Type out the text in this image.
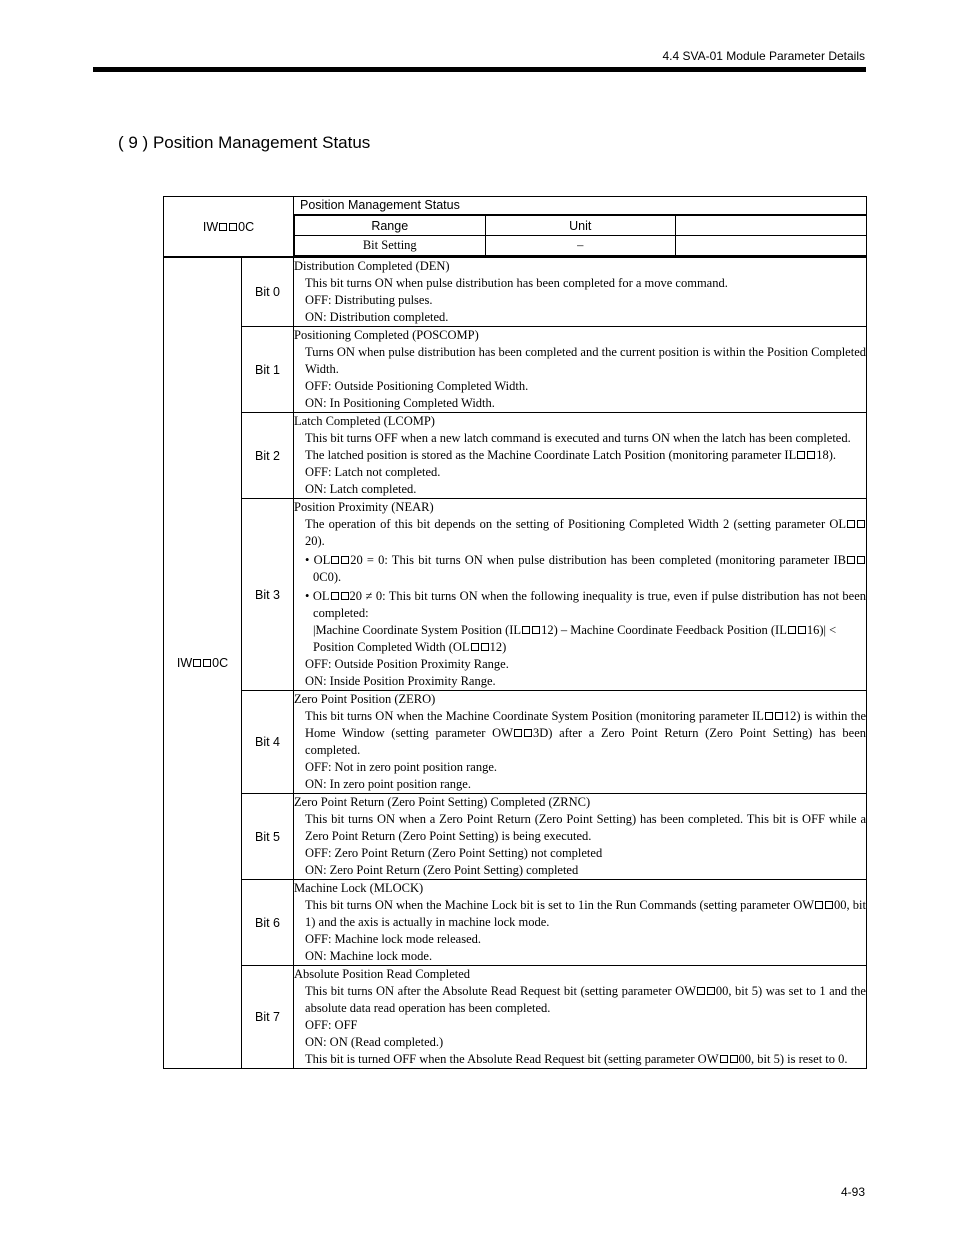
4.4 SVA-01 Module Parameter Details
( 9 ) Position Management Status
IW 0C	
Position Management Status
Range	Unit	
Bit Setting	–	

IW 0C	Bit 0	
Distribution Completed (DEN)
This bit turns ON when pulse distribution has been completed for a move command.
OFF: Distributing pulses.
ON: Distribution completed.

Bit 1	
Positioning Completed (POSCOMP)
Turns ON when pulse distribution has been completed and the current position is within the Position Completed Width.
OFF: Outside Positioning Completed Width.
ON: In Positioning Completed Width.

Bit 2	
Latch Completed (LCOMP)
This bit turns OFF when a new latch command is executed and turns ON when the latch has been completed.
The latched position is stored as the Machine Coordinate Latch Position (monitoring parameter IL 18).
OFF: Latch not completed.
ON: Latch completed.

Bit 3	
Position Proximity (NEAR)
The operation of this bit depends on the setting of Positioning Completed Width 2 (setting parameter OL20).
• OL 20 = 0: This bit turns ON when pulse distribution has been completed (monitoring parameter IB0C0).
• OL 20 ≠ 0: This bit turns ON when the following inequality is true, even if pulse distribution has not been completed:
|Machine Coordinate System Position (IL 12) – Machine Coordinate Feedback Position (IL 16)| < Position Completed Width (OL 12)
OFF: Outside Position Proximity Range.
ON: Inside Position Proximity Range.

Bit 4	
Zero Point Position (ZERO)
This bit turns ON when the Machine Coordinate System Position (monitoring parameter IL 12) is within the Home Window (setting parameter OW 3D) after a Zero Point Return (Zero Point Setting) has been completed.
OFF: Not in zero point position range.
ON: In zero point position range.

Bit 5	
Zero Point Return (Zero Point Setting) Completed (ZRNC)
This bit turns ON when a Zero Point Return (Zero Point Setting) has been completed. This bit is OFF while a Zero Point Return (Zero Point Setting) is being executed.
OFF: Zero Point Return (Zero Point Setting) not completed
ON: Zero Point Return (Zero Point Setting) completed

Bit 6	
Machine Lock (MLOCK)
This bit turns ON when the Machine Lock bit is set to 1in the Run Commands (setting parameter OW 00, bit 1) and the axis is actually in machine lock mode.
OFF: Machine lock mode released.
ON: Machine lock mode.

Bit 7	
Absolute Position Read Completed
This bit turns ON after the Absolute Read Request bit (setting parameter OW 00, bit 5) was set to 1 and the absolute data read operation has been completed.
OFF: OFF
ON: ON (Read completed.)
This bit is turned OFF when the Absolute Read Request bit (setting parameter OW 00, bit 5) is reset to 0.
4-93
